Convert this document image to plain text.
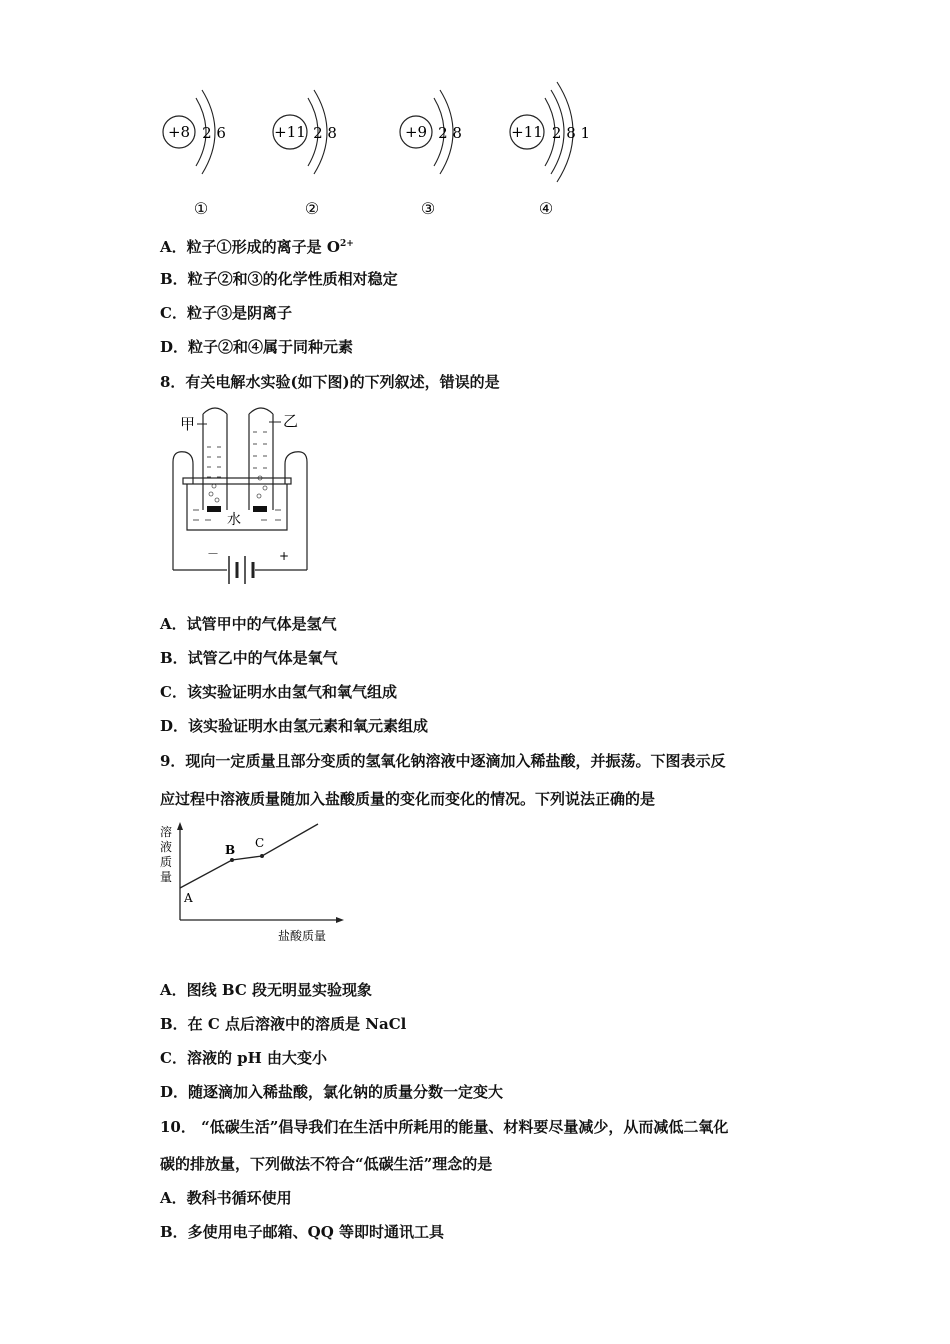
+8 2 6
①
+11 2 8
②
+9 2 8
③
+11 2 8 1
④
A．粒子①形成的离子是 $O^{2+}$
B．粒子②和③的化学性质相对稳定
C．粒子③是阴离子
D．粒子②和④属于同种元素
8．有关电解水实验(如下图)的下列叙述，错误的是
甲	乙
水
－	+
A．试管甲中的气体是氢气
B．试管乙中的气体是氧气
C．该实验证明水由氢气和氧气组成
D．该实验证明水由氢元素和氧元素组成
9．现向一定质量且部分变质的氢氧化钠溶液中逐滴加入稀盐酸，并振荡。下图表示反
应过程中溶液质量随加入盐酸质量的变化而变化的情况。下列说法正确的是
溶
液
质
量
A
B C
盐酸质量
A．图线 BC 段无明显实验现象
B．在 C 点后溶液中的溶质是 NaCl
C．溶液的 pH 由大变小
D．随逐滴加入稀盐酸，氯化钠的质量分数一定变大
10． “低碳生活”倡导我们在生活中所耗用的能量、材料要尽量减少，从而减低二氧化
碳的排放量，下列做法不符合“低碳生活”理念的是
A．教科书循环使用
B．多使用电子邮箱、QQ 等即时通讯工具
